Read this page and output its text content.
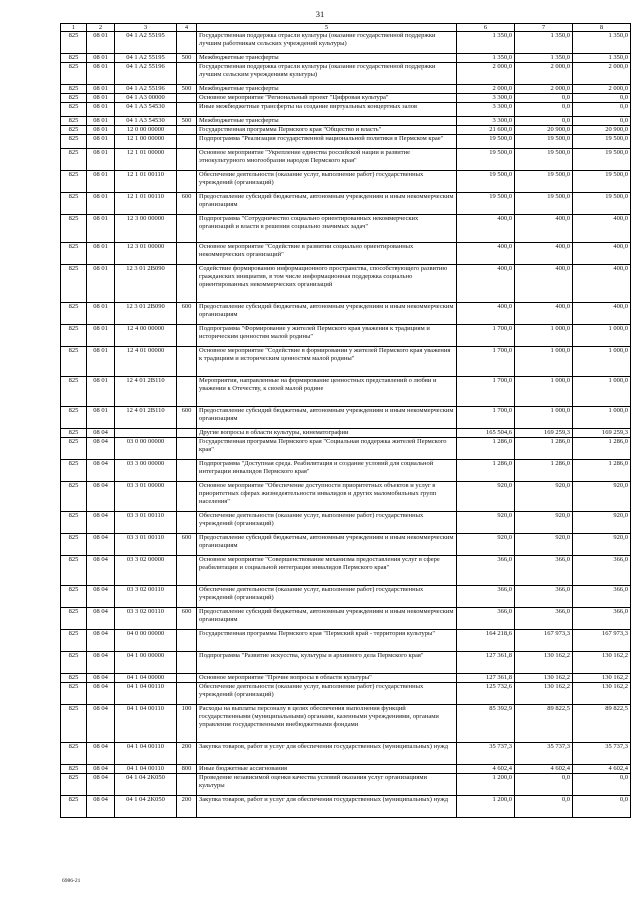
31
1	2	3	4	5	6	7	8
825	08 01	04 1 A2 55195		Государственная поддержка отрасли культуры (оказание государственной поддержки лучшим работникам сельских учреждений культуры)	1 350,0	1 350,0	1 350,0
825	08 01	04 1 A2 55195	500	Межбюджетные трансферты	1 350,0	1 350,0	1 350,0
825	08 01	04 1 A2 55196		Государственная поддержка отрасли культуры (оказание государственной поддержки лучшим сельским учреждениям культуры)	2 000,0	2 000,0	2 000,0
825	08 01	04 1 A2 55196	500	Межбюджетные трансферты	2 000,0	2 000,0	2 000,0
825	08 01	04 1 A3 00000		Основное мероприятие "Региональный проект "Цифровая культура"	3 300,0	0,0	0,0
825	08 01	04 1 A3 54530		Иные межбюджетные трансферты на создание виртуальных концертных залов	3 300,0	0,0	0,0
825	08 01	04 1 A3 54530	500	Межбюджетные трансферты	3 300,0	0,0	0,0
825	08 01	12 0 00 00000		Государственная программа Пермского края "Общество и власть"	21 600,0	20 900,0	20 900,0
825	08 01	12 1 00 00000		Подпрограмма "Реализация государственной национальной политики в Пермском крае"	19 500,0	19 500,0	19 500,0
825	08 01	12 1 01 00000		Основное мероприятие "Укрепление единства российской нации и развитие этнокультурного многообразия народов Пермского края"	19 500,0	19 500,0	19 500,0
825	08 01	12 1 01 00110		Обеспечение деятельности (оказание услуг, выполнение работ) государственных учреждений (организаций)	19 500,0	19 500,0	19 500,0
825	08 01	12 1 01 00110	600	Предоставление субсидий бюджетным, автономным учреждениям и иным некоммерческим организациям	19 500,0	19 500,0	19 500,0
825	08 01	12 3 00 00000		Подпрограмма "Сотрудничество социально ориентированных некоммерческих организаций и власти в решении социально значимых задач"	400,0	400,0	400,0
825	08 01	12 3 01 00000		Основное мероприятие "Содействие в развитии социально ориентированных некоммерческих организаций"	400,0	400,0	400,0
825	08 01	12 3 01 2B090		Содействие формированию информационного пространства, способствующего развитию гражданских инициатив, в том числе информационная поддержка социально ориентированных некоммерческих организаций	400,0	400,0	400,0
825	08 01	12 3 01 2B090	600	Предоставление субсидий бюджетным, автономным учреждениям и иным некоммерческим организациям	400,0	400,0	400,0
825	08 01	12 4 00 00000		Подпрограмма "Формирование у жителей Пермского края уважения к традициям и историческим ценностям малой родины"	1 700,0	1 000,0	1 000,0
825	08 01	12 4 01 00000		Основное мероприятие "Содействие в формировании у жителей Пермского края уважения к традициям и историческим ценностям малой родины"	1 700,0	1 000,0	1 000,0
825	08 01	12 4 01 2B110		Мероприятия, направленные на формирование ценностных представлений о любви и уважении к Отечеству, к своей малой родине	1 700,0	1 000,0	1 000,0
825	08 01	12 4 01 2B110	600	Предоставление субсидий бюджетным, автономным учреждениям и иным некоммерческим организациям	1 700,0	1 000,0	1 000,0
825	08 04			Другие вопросы в области культуры, кинематографии	165 504,6	169 259,3	169 259,3
825	08 04	03 0 00 00000		Государственная программа Пермского края "Социальная поддержка жителей Пермского края"	1 286,0	1 286,0	1 286,0
825	08 04	03 3 00 00000		Подпрограмма "Доступная среда. Реабилитация и создание условий для социальной интеграции инвалидов Пермского края"	1 286,0	1 286,0	1 286,0
825	08 04	03 3 01 00000		Основное мероприятие "Обеспечение доступности приоритетных объектов и услуг в приоритетных сферах жизнедеятельности инвалидов и других маломобильных групп населения"	920,0	920,0	920,0
825	08 04	03 3 01 00110		Обеспечение деятельности (оказание услуг, выполнение работ) государственных учреждений (организаций)	920,0	920,0	920,0
825	08 04	03 3 01 00110	600	Предоставление субсидий бюджетным, автономным учреждениям и иным некоммерческим организациям	920,0	920,0	920,0
825	08 04	03 3 02 00000		Основное мероприятие "Совершенствование механизма предоставления услуг в сфере реабилитации и социальной интеграции инвалидов Пермского края"	366,0	366,0	366,0
825	08 04	03 3 02 00110		Обеспечение деятельности (оказание услуг, выполнение работ) государственных учреждений (организаций)	366,0	366,0	366,0
825	08 04	03 3 02 00110	600	Предоставление субсидий бюджетным, автономным учреждениям и иным некоммерческим организациям	366,0	366,0	366,0
825	08 04	04 0 00 00000		Государственная программа Пермского края "Пермский край - территория культуры"	164 218,6	167 973,3	167 973,3
825	08 04	04 1 00 00000		Подпрограмма "Развитие искусства, культуры и архивного дела Пермского края"	127 361,8	130 162,2	130 162,2
825	08 04	04 1 04 00000		Основное мероприятие "Прочие вопросы в области культуры"	127 361,8	130 162,2	130 162,2
825	08 04	04 1 04 00110		Обеспечение деятельности (оказание услуг, выполнение работ) государственных учреждений (организаций)	125 732,6	130 162,2	130 162,2
825	08 04	04 1 04 00110	100	Расходы на выплаты персоналу в целях обеспечения выполнения функций государственными (муниципальными) органами, казенными учреждениями, органами управления государственными внебюджетными фондами	85 392,9	89 822,5	89 822,5
825	08 04	04 1 04 00110	200	Закупка товаров, работ и услуг для обеспечения государственных (муниципальных) нужд	35 737,3	35 737,3	35 737,3
825	08 04	04 1 04 00110	800	Иные бюджетные ассигнования	4 602,4	4 602,4	4 602,4
825	08 04	04 1 04 2K050		Проведение независимой оценки качества условий оказания услуг организациями культуры	1 200,0	0,0	0,0
825	08 04	04 1 04 2K050	200	Закупка товаров, работ и услуг для обеспечения государственных (муниципальных) нужд	1 200,0	0,0	0,0
6986-21
